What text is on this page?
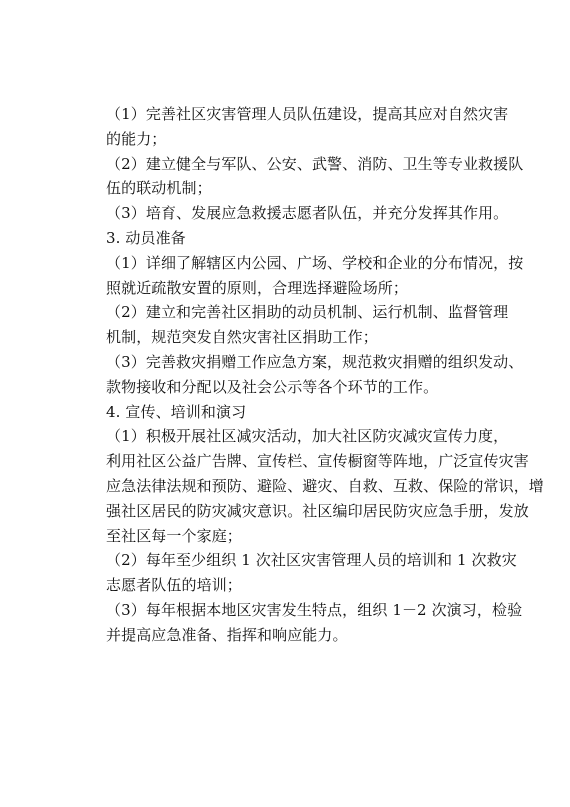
（1）完善社区灾害管理人员队伍建设，提高其应对自然灾害
的能力；

（2）建立健全与军队、公安、武警、消防、卫生等专业救援队
伍的联动机制；

（3）培育、发展应急救援志愿者队伍，并充分发挥其作用。

3. 动员准备

（1）详细了解辖区内公园、广场、学校和企业的分布情况，按
照就近疏散安置的原则，合理选择避险场所；

（2）建立和完善社区捐助的动员机制、运行机制、监督管理
机制，规范突发自然灾害社区捐助工作；

（3）完善救灾捐赠工作应急方案，规范救灾捐赠的组织发动、
款物接收和分配以及社会公示等各个环节的工作。

4. 宣传、培训和演习

（1）积极开展社区减灾活动，加大社区防灾减灾宣传力度，
利用社区公益广告牌、宣传栏、宣传橱窗等阵地，广泛宣传灾害
应急法律法规和预防、避险、避灾、自救、互救、保险的常识，增
强社区居民的防灾减灾意识。社区编印居民防灾应急手册，发放
至社区每一个家庭；

（2）每年至少组织 1 次社区灾害管理人员的培训和 1 次救灾
志愿者队伍的培训；

（3）每年根据本地区灾害发生特点，组织 1－2 次演习，检验
并提高应急准备、指挥和响应能力。
